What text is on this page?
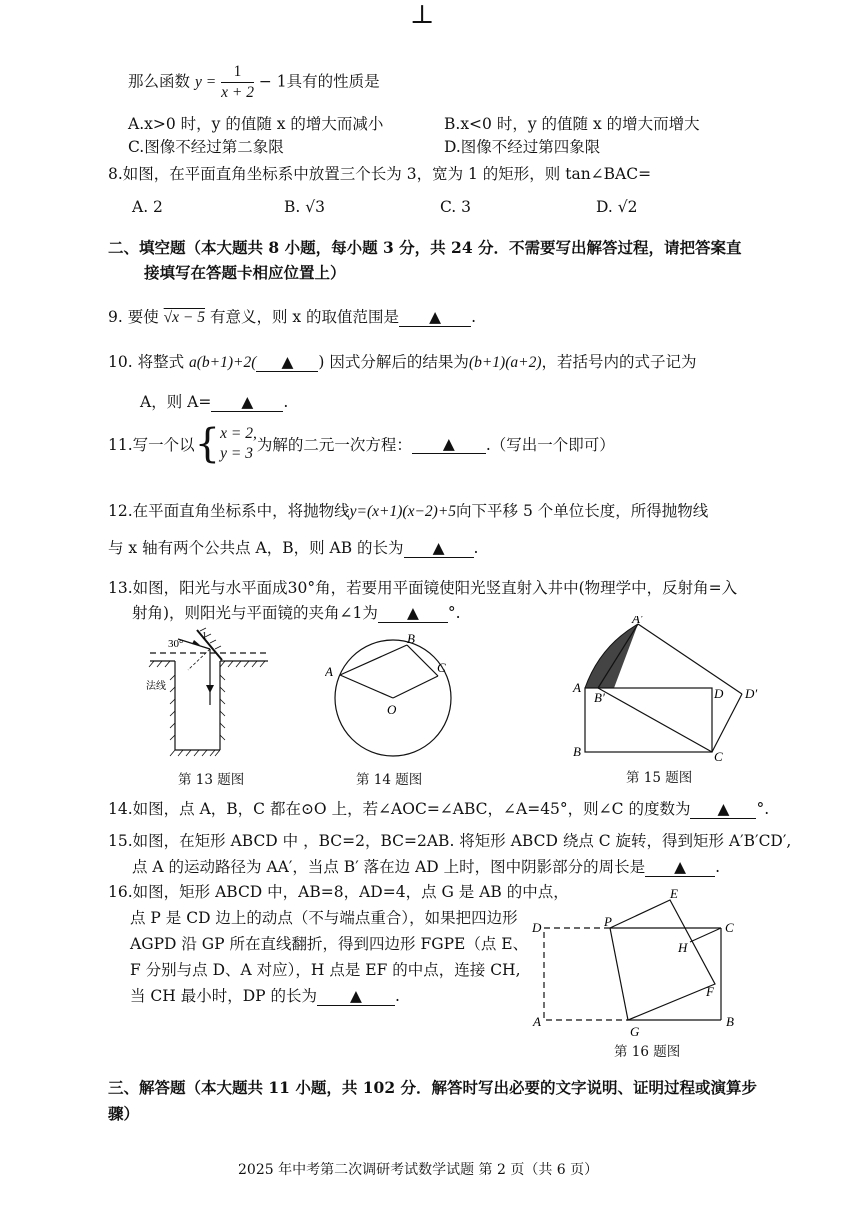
⊥
那么函数 $y = \frac{1}{x + 2} - 1$具有的性质是
A.x>0 时，y 的值随 x 的增大而减小	B.x<0 时，y 的值随 x 的增大而增大
C.图像不经过第二象限	D.图像不经过第四象限
8.如图，在平面直角坐标系中放置三个长为 3，宽为 1 的矩形，则 tan∠BAC=
A. 2	B. √3	C. 3	D. √2
二、填空题（本大题共 8 小题，每小题 3 分，共 24 分．不需要写出解答过程，请把答案直
接填写在答题卡相应位置上）
9. 要使 √x − 5 有意义，则 x 的取值范围是 ▲ .
10. 将整式 a(b+1)+2( ▲ ) 因式分解后的结果为(b+1)(a+2)，若括号内的式子记为
A，则 A= ▲ .
11.写一个以{ x = 2,
y = 3 为解的二元一次方程： ▲ .（写出一个即可）
12.在平面直角坐标系中，将抛物线y=(x+1)(x−2)+5向下平移 5 个单位长度，所得抛物线
与 x 轴有两个公共点 A，B，则 AB 的长为 ▲ .
13.如图，阳光与水平面成30°角，若要用平面镜使阳光竖直射入井中(物理学中，反射角=入
射角)，则阳光与平面镜的夹角∠1为 ▲ °.
30°
1
法线
第 13 题图
A
B
C
O
第 14 题图
A′
A
B′	D D′
B	C
第 15 题图
14.如图，点 A，B，C 都在⊙O 上，若∠AOC=∠ABC，∠A=45°，则∠C 的度数为 ▲ °.
15.如图，在矩形 ABCD 中 ，BC=2，BC=2AB. 将矩形 ABCD 绕点 C 旋转，得到矩形 A′B′CD′,
点 A 的运动路径为 AA′，当点 B′ 落在边 AD 上时，图中阴影部分的周长是 ▲ .
16.如图，矩形 ABCD 中，AB=8，AD=4，点 G 是 AB 的中点，
点 P 是 CD 边上的动点（不与端点重合），如果把四边形
AGPD 沿 GP 所在直线翻折，得到四边形 FGPE（点 E、
F 分别与点 D、A 对应），H 点是 EF 的中点，连接 CH,
当 CH 最小时，DP 的长为 ▲ .
D	P
E
C
H
F
A
G
B
第 16 题图
三、解答题（本大题共 11 小题，共 102 分．解答时写出必要的文字说明、证明过程或演算步
骤）
2025 年中考第二次调研考试数学试题 第 2 页（共 6 页）
